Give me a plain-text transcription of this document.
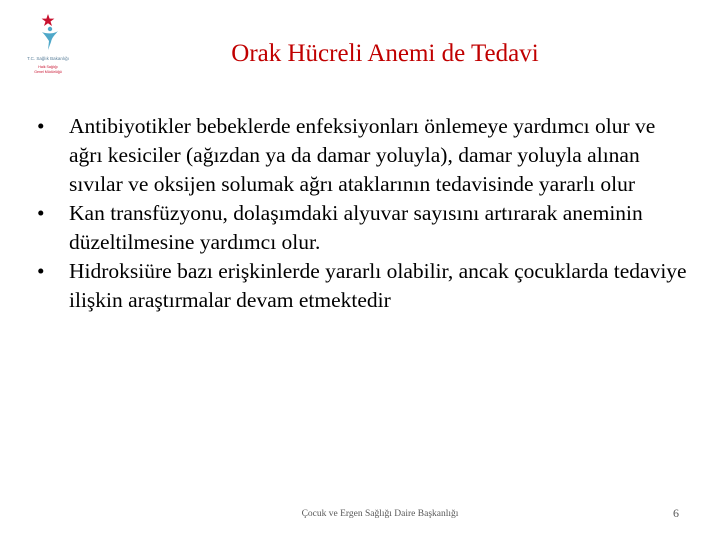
T.C. Sağlık Bakanlığı
Halk Sağlığı
Genel Müdürlüğü
Orak Hücreli Anemi de Tedavi
•	Antibiyotikler bebeklerde enfeksiyonları önlemeye yardımcı olur ve ağrı kesiciler (ağızdan ya da damar yoluyla), damar yoluyla alınan sıvılar ve oksijen solumak ağrı ataklarının tedavisinde yararlı olur
•	Kan transfüzyonu, dolaşımdaki alyuvar sayısını artırarak aneminin düzeltilmesine yardımcı olur.
•	Hidroksiüre bazı erişkinlerde yararlı olabilir, ancak çocuklarda tedaviye ilişkin araştırmalar devam etmektedir
Çocuk ve Ergen Sağlığı Daire Başkanlığı	6
